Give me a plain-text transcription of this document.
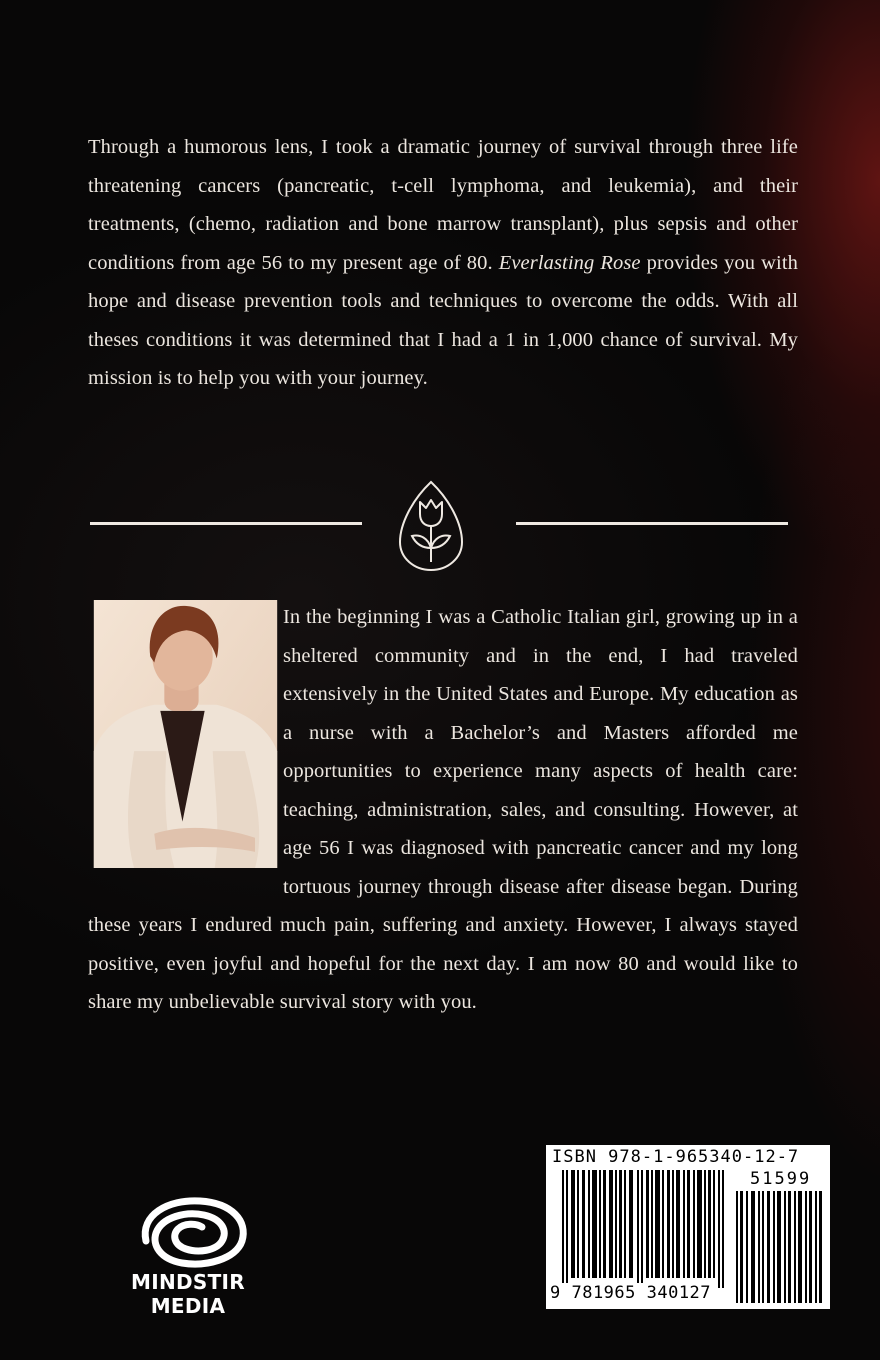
Through a humorous lens, I took a dramatic journey of survival through three life threatening cancers (pancreatic, t-cell lymphoma, and leukemia), and their treatments, (chemo, radiation and bone marrow transplant), plus sepsis and other conditions from age 56 to my present age of 80. Everlasting Rose provides you with hope and disease prevention tools and techniques to overcome the odds. With all theses conditions it was determined that I had a 1 in 1,000 chance of survival. My mission is to help you with your journey.

In the beginning I was a Catholic Italian girl, growing up in a sheltered community and in the end, I had traveled extensively in the United States and Europe. My education as a nurse with a Bachelor’s and Masters afforded me opportunities to experience many aspects of health care: teaching, administration, sales, and consulting. However, at age 56 I was diagnosed with pancreatic cancer and my long tortuous journey through disease after disease began. During these years I endured much pain, suffering and anxiety. However, I always stayed positive, even joyful and hopeful for the next day. I am now 80 and would like to share my unbelievable survival story with you.
MINDSTIR MEDIA
ISBN 978-1-965340-12-7
51599
9 781965 340127
